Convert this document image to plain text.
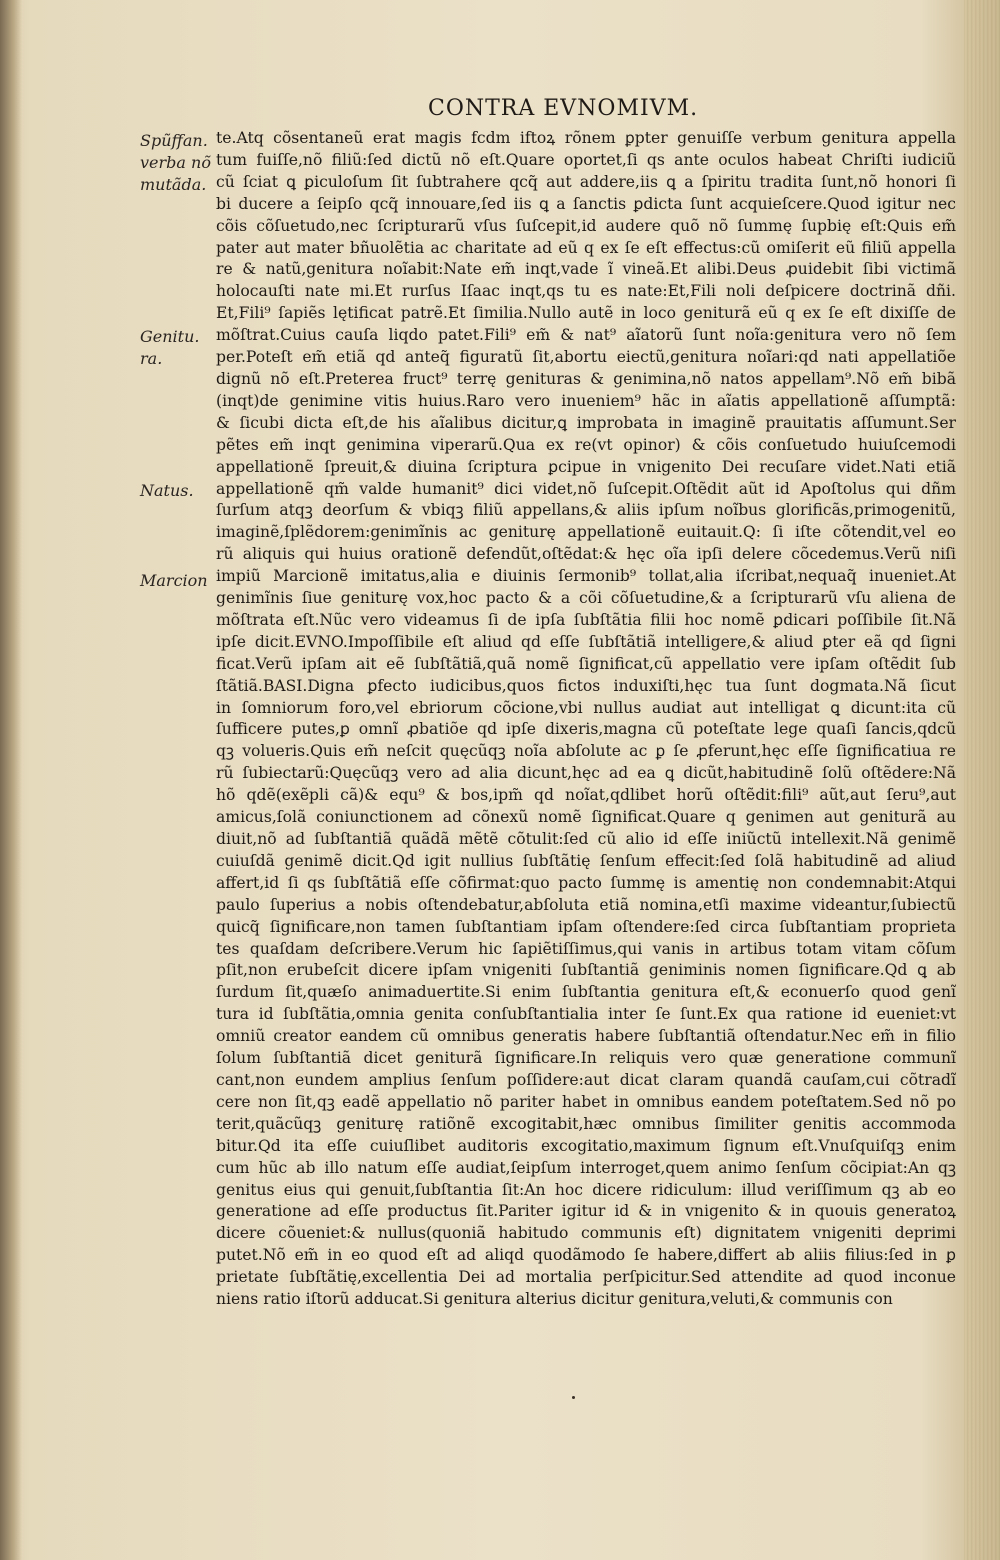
CONTRA EVNOMIVM.
Spũffan.
verba nõ
mutãda.
Genitu.
ra.
Natus.
Marcion
te.Atq cõsentaneũ erat magis fcdm iftoꝝ rõnem ꝑpter genuiſſe verbum genitura appella
tum fuiſſe,nõ filiũ:ſed dictũ nõ eſt.Quare oportet,ſi qs ante oculos habeat Chriſti iudiciũ
cũ ſciat ꝗ ꝑiculoſum ſit ſubtrahere qcq̃ aut addere,iis ꝗ a ſpiritu tradita ſunt,nõ honori ſi
bi ducere a ſeipſo qcq̃ innouare,ſed iis ꝗ a ſanctis ꝑdicta ſunt acquieſcere.Quod igitur nec
cõis cõſuetudo,nec ſcripturarũ vſus ſuſcepit,id audere quõ nõ ſummę ſupbię eſt:Quis em̃
pater aut mater bñuolẽtia ac charitate ad eũ q ex ſe eſt effectus:cũ omiſerit eũ filiũ appella
re & natũ,genitura noĩabit:Nate em̃ inqt,vade ĩ vineã.Et alibi.Deus ꝓuidebit ſibi victimã
holocauſti nate mi.Et rurſus Iſaac inqt,qs tu es nate:Et,Fili noli deſpicere doctrinã dñi.
Et,Fili⁹ ſapiẽs lętificat patrẽ.Et ſimilia.Nullo autẽ in loco geniturã eũ q ex ſe eſt dixiſſe de
mõſtrat.Cuius cauſa liqdo patet.Fili⁹ em̃ & nat⁹ aĩatorũ ſunt noĩa:genitura vero nõ ſem
per.Poteſt em̃ etiã qd anteq̃ figuratũ ſit,abortu eiectũ,genitura noĩari:qd nati appellatiõe
dignũ nõ eſt.Preterea fruct⁹ terrę genituras & genimina,nõ natos appellam⁹.Nõ em̃ bibã
(inqt)de genimine vitis huius.Raro vero inueniem⁹ hãc in aĩatis appellationẽ aſſumptã:
& ſicubi dicta eſt,de his aĩalibus dicitur,ꝗ improbata in imaginẽ prauitatis aſſumunt.Ser
pẽtes em̃ inqt genimina viperarũ.Qua ex re(vt opinor) & cõis conſuetudo huiuſcemodi
appellationẽ ſpreuit,& diuina ſcriptura ꝑcipue in vnigenito Dei recuſare videt.Nati etiã
appellationẽ qm̃ valde humanit⁹ dici videt,nõ ſuſcepit.Oſtẽdit aũt id Apoſtolus qui dñm
ſurſum atqꝫ deorſum & vbiqꝫ filiũ appellans,& aliis ipſum noĩbus glorificãs,primogenitũ,
imaginẽ,ſplẽdorem:genimĩnis ac geniturę appellationẽ euitauit.Q: ſi iſte cõtendit,vel eo
rũ aliquis qui huius orationẽ defendũt,oſtẽdat:& hęc oĩa ipſi delere cõcedemus.Verũ niſi
impiũ Marcionẽ imitatus,alia e diuinis ſermonib⁹ tollat,alia iſcribat,nequaq̃ inueniet.At
genimĩnis ſiue geniturę vox,hoc pacto & a cõi cõſuetudine,& a ſcripturarũ vſu aliena de
mõſtrata eſt.Nũc vero videamus ſi de ipſa ſubſtãtia filii hoc nomẽ ꝑdicari poſſibile ſit.Nã
ipſe dicit.EVNO.Impoſſibile eſt aliud qd eſſe ſubſtãtiã intelligere,& aliud ꝑter eã qd ſigni
ficat.Verũ ipſam ait eẽ ſubſtãtiã,quã nomẽ ſignificat,cũ appellatio vere ipſam oſtẽdit ſub
ſtãtiã.BASI.Digna ꝑfecto iudicibus,quos fictos induxiſti,hęc tua ſunt dogmata.Nã ſicut
in ſomniorum foro,vel ebriorum cõcione,vbi nullus audiat aut intelligat ꝗ dicunt:ita cũ
ſufficere putes,ꝑ omnĩ ꝓbatiõe qd ipſe dixeris,magna cũ poteſtate lege quaſi ſancis,qdcũ
qꝫ volueris.Quis em̃ neſcit quęcũqꝫ noĩa abſolute ac ꝑ ſe ꝓferunt,hęc eſſe ſignificatiua re
rũ ſubiectarũ:Quęcũqꝫ vero ad alia dicunt,hęc ad ea ꝗ dicũt,habitudinẽ ſolũ oſtẽdere:Nã
hõ qdẽ(exẽpli cã)& equ⁹ & bos,ipm̃ qd noĩat,qdlibet horũ oſtẽdit:fili⁹ aũt,aut ſeru⁹,aut
amicus,ſolã coniunctionem ad cõnexũ nomẽ ſignificat.Quare q genimen aut geniturã au
diuit,nõ ad ſubſtantiã quãdã mẽtẽ cõtulit:ſed cũ alio id eſſe iniũctũ intellexit.Nã genimẽ
cuiuſdã genimẽ dicit.Qd igit nullius ſubſtãtię ſenſum effecit:ſed ſolã habitudinẽ ad aliud
affert,id ſi qs ſubſtãtiã eſſe cõfirmat:quo pacto ſummę is amentię non condemnabit:Atqui
paulo ſuperius a nobis oſtendebatur,abſoluta etiã nomina,etſi maxime videantur,ſubiectũ
quicq̃ ſignificare,non tamen ſubſtantiam ipſam oſtendere:ſed circa ſubſtantiam proprieta
tes quaſdam deſcribere.Verum hic ſapiẽtiſſimus,qui vanis in artibus totam vitam cõſum
pſit,non erubeſcit dicere ipſam vnigeniti ſubſtantiã geniminis nomen ſignificare.Qd ꝗ ab
ſurdum ſit,quæſo animaduertite.Si enim ſubſtantia genitura eſt,& econuerſo quod genĩ
tura id ſubſtãtia,omnia genita conſubſtantialia inter ſe ſunt.Ex qua ratione id eueniet:vt
omniũ creator eandem cũ omnibus generatis habere ſubſtantiã oſtendatur.Nec em̃ in filio
ſolum ſubſtantiã dicet geniturã ſignificare.In reliquis vero quæ generatione communĩ
cant,non eundem amplius ſenſum poſſidere:aut dicat claram quandã cauſam,cui cõtradĩ
cere non ſit,qꝫ eadẽ appellatio nõ pariter habet in omnibus eandem poteſtatem.Sed nõ po
terit,quãcũqꝫ geniturę ratiõnẽ excogitabit,hæc omnibus ſimiliter genitis accommoda
bitur.Qd ita eſſe cuiuſlibet auditoris excogitatio,maximum ſignum eſt.Vnuſquiſqꝫ enim
cum hũc ab illo natum eſſe audiat,ſeipſum interroget,quem animo ſenſum cõcipiat:An qꝫ
genitus eius qui genuit,ſubſtantia ſit:An hoc dicere ridiculum: illud veriſſimum qꝫ ab eo
generatione ad eſſe productus ſit.Pariter igitur id & in vnigenito & in quouis generatoꝝ
dicere cõueniet:& nullus(quoniã habitudo communis eſt) dignitatem vnigeniti deprimi
putet.Nõ em̃ in eo quod eſt ad aliqd quodãmodo ſe habere,differt ab aliis filius:ſed in ꝑ
prietate ſubſtãtię,excellentia Dei ad mortalia perſpicitur.Sed attendite ad quod inconue
niens ratio iſtorũ adducat.Si genitura alterius dicitur genitura,veluti,& communis con
